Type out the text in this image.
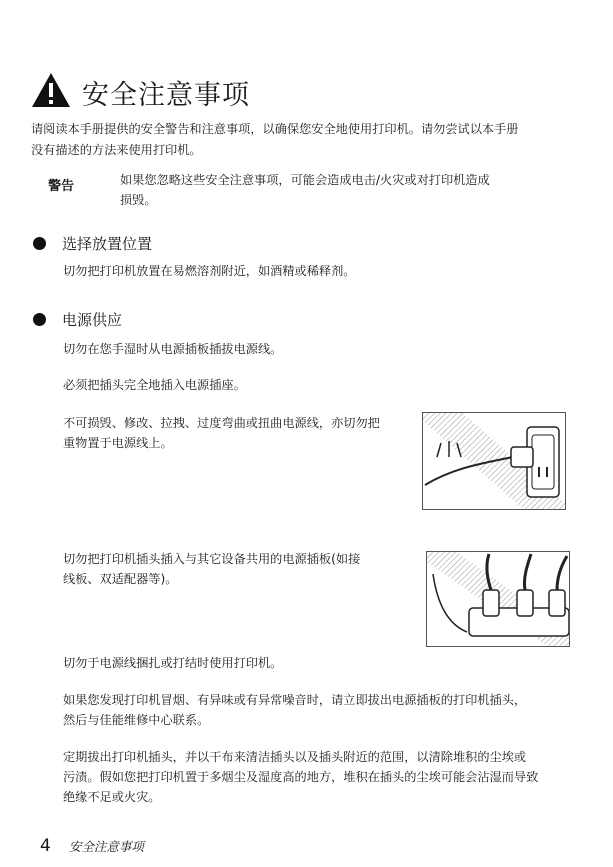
安全注意事项
请阅读本手册提供的安全警告和注意事项，以确保您安全地使用打印机。请勿尝试以本手册
没有描述的方法来使用打印机。
警告	如果您忽略这些安全注意事项，可能会造成电击/火灾或对打印机造成
损毁。
选择放置位置
切勿把打印机放置在易燃溶剂附近，如酒精或稀释剂。
电源供应
切勿在您手湿时从电源插板插拔电源线。
必须把插头完全地插入电源插座。
不可损毁、修改、拉拽、过度弯曲或扭曲电源线，亦切勿把
重物置于电源线上。
切勿把打印机插头插入与其它设备共用的电源插板(如接
线板、双适配器等)。
切勿于电源线捆扎或打结时使用打印机。
如果您发现打印机冒烟、有异味或有异常噪音时，请立即拔出电源插板的打印机插头，
然后与佳能维修中心联系。
定期拔出打印机插头，并以干布来清洁插头以及插头附近的范围，以清除堆积的尘埃或
污渍。假如您把打印机置于多烟尘及湿度高的地方，堆积在插头的尘埃可能会沾湿而导致
绝缘不足或火灾。
4 安全注意事项
